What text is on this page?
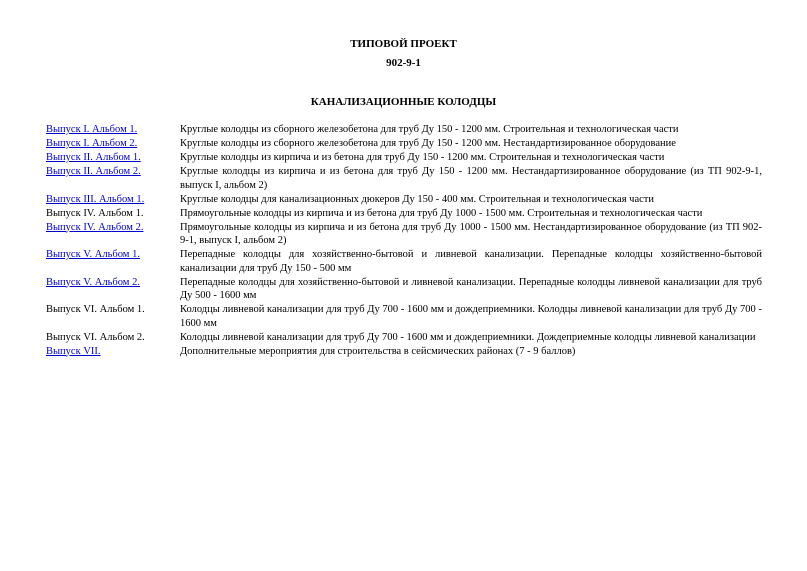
ТИПОВОЙ ПРОЕКТ
902-9-1
КАНАЛИЗАЦИОННЫЕ КОЛОДЦЫ
Выпуск I. Альбом 1.	Круглые колодцы из сборного железобетона для труб Ду 150 - 1200 мм. Строительная и технологическая части
Выпуск I. Альбом 2.	Круглые колодцы из сборного железобетона для труб Ду 150 - 1200 мм. Нестандартизированное оборудование
Выпуск II. Альбом 1.	Круглые колодцы из кирпича и из бетона для труб Ду 150 - 1200 мм. Строительная и технологическая части
Выпуск II. Альбом 2.	Круглые колодцы из кирпича и из бетона для труб Ду 150 - 1200 мм. Нестандартизированное оборудование (из ТП 902-9-1, выпуск I, альбом 2)
Выпуск III. Альбом 1.	Круглые колодцы для канализационных дюкеров Ду 150 - 400 мм. Строительная и технологическая части
Выпуск IV. Альбом 1.	Прямоугольные колодцы из кирпича и из бетона для труб Ду 1000 - 1500 мм. Строительная и технологическая части
Выпуск IV. Альбом 2.	Прямоугольные колодцы из кирпича и из бетона для труб Ду 1000 - 1500 мм. Нестандартизированное оборудование (из ТП 902-9-1, выпуск I, альбом 2)
Выпуск V. Альбом 1.	Перепадные колодцы для хозяйственно-бытовой и ливневой канализации. Перепадные колодцы хозяйственно-бытовой канализации для труб Ду 150 - 500 мм
Выпуск V. Альбом 2.	Перепадные колодцы для хозяйственно-бытовой и ливневой канализации. Перепадные колодцы ливневой канализации для труб Ду 500 - 1600 мм
Выпуск VI. Альбом 1.	Колодцы ливневой канализации для труб Ду 700 - 1600 мм и дождеприемники. Колодцы ливневой канализации для труб Ду 700 - 1600 мм
Выпуск VI. Альбом 2.	Колодцы ливневой канализации для труб Ду 700 - 1600 мм и дождеприемники. Дождеприемные колодцы ливневой канализации
Выпуск VII.	Дополнительные мероприятия для строительства в сейсмических районах (7 - 9 баллов)
